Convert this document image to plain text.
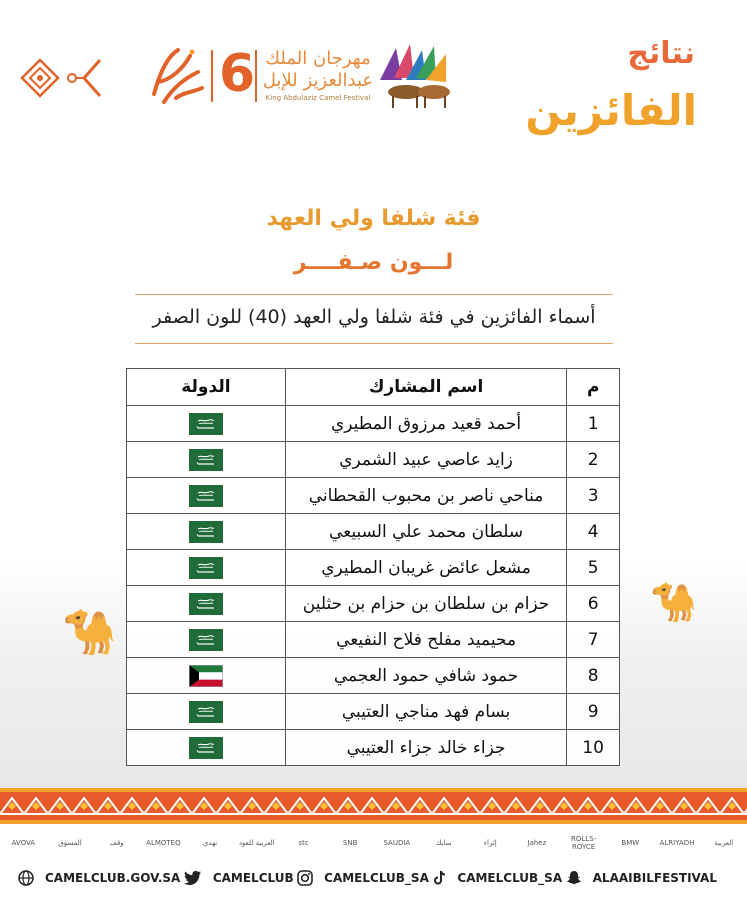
🐪
🐪
6 مهرجان الملك عبدالعزيز للإبل
King Abdulaziz Camel Festival
نتائج
الفائزين
فئة شلفا ولي العهد
لـــون صـفــــر
أسماء الفائزين في فئة شلفا ولي العهد (40) للون الصفر
م	اسم المشارك	الدولة
1	أحمد قعيد مرزوق المطيري	
2	زايد عاصي عبيد الشمري	
3	مناحي ناصر بن محبوب القحطاني	
4	سلطان محمد علي السبيعي	
5	مشعل عائض غريبان المطيري	
6	حزام بن سلطان بن حزام بن حثلين	
7	محيميد مفلح فلاح النفيعي	
8	حمود شافي حمود العجمي	
9	بسام فهد مناجي العتيبي	
10	جزاء خالد جزاء العتيبي	
العربية
ALRIYADH
BMW
ROLLS-ROYCE
Jahez
إثراء
سابك
SAUDIA
SNB
stc
العربية للعود
نهدي
ALMOTEQ
وقف
المسوق
AVOVA
CAMELCLUB.GOV.SA	CAMELCLUB	CAMELCLUB_SA CAMELCLUB_SA	ALAAIBILFESTIVAL
